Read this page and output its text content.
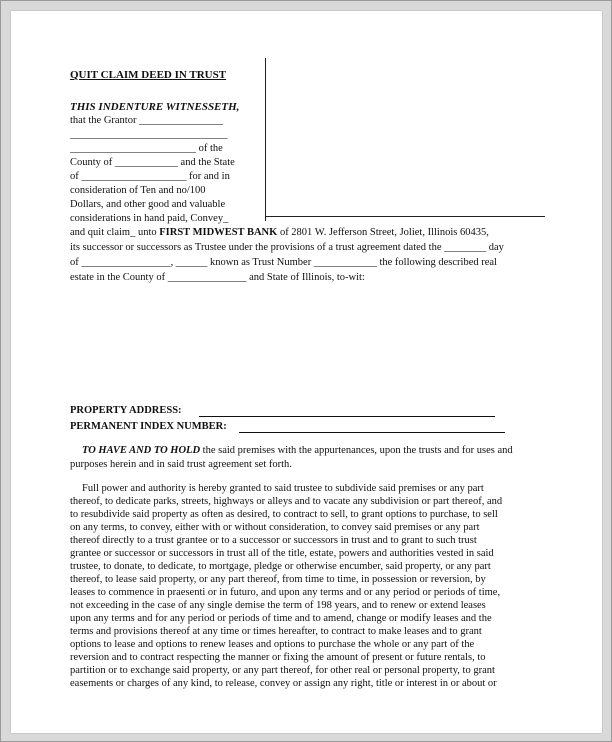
QUIT CLAIM DEED IN TRUST
THIS INDENTURE WITNESSETH,
that the Grantor ________________
______________________________
________________________ of the
County of ____________ and the State
of ____________________ for and in
consideration of Ten and no/100
Dollars, and other good and valuable
considerations in hand paid, Convey_
and quit claim_ unto FIRST MIDWEST BANK of 2801 W. Jefferson Street, Joliet, Illinois 60435,
its successor or successors as Trustee under the provisions of a trust agreement dated the ________ day
of _________________, ______ known as Trust Number ____________ the following described real
estate in the County of _______________ and State of Illinois, to-wit:
PROPERTY ADDRESS:
PERMANENT INDEX NUMBER:
TO HAVE AND TO HOLD the said premises with the appurtenances, upon the trusts and for uses and
purposes herein and in said trust agreement set forth.
Full power and authority is hereby granted to said trustee to subdivide said premises or any part
thereof, to dedicate parks, streets, highways or alleys and to vacate any subdivision or part thereof, and
to resubdivide said property as often as desired, to contract to sell, to grant options to purchase, to sell
on any terms, to convey, either with or without consideration, to convey said premises or any part
thereof directly to a trust grantee or to a successor or successors in trust and to grant to such trust
grantee or successor or successors in trust all of the title, estate, powers and authorities vested in said
trustee, to donate, to dedicate, to mortgage, pledge or otherwise encumber, said property, or any part
thereof, to lease said property, or any part thereof, from time to time, in possession or reversion, by
leases to commence in praesenti or in futuro, and upon any terms and or any period or periods of time,
not exceeding in the case of any single demise the term of 198 years, and to renew or extend leases
upon any terms and for any period or periods of time and to amend, change or modify leases and the
terms and provisions thereof at any time or times hereafter, to contract to make leases and to grant
options to lease and options to renew leases and options to purchase the whole or any part of the
reversion and to contract respecting the manner or fixing the amount of present or future rentals, to
partition or to exchange said property, or any part thereof, for other real or personal property, to grant
easements or charges of any kind, to release, convey or assign any right, title or interest in or about or
